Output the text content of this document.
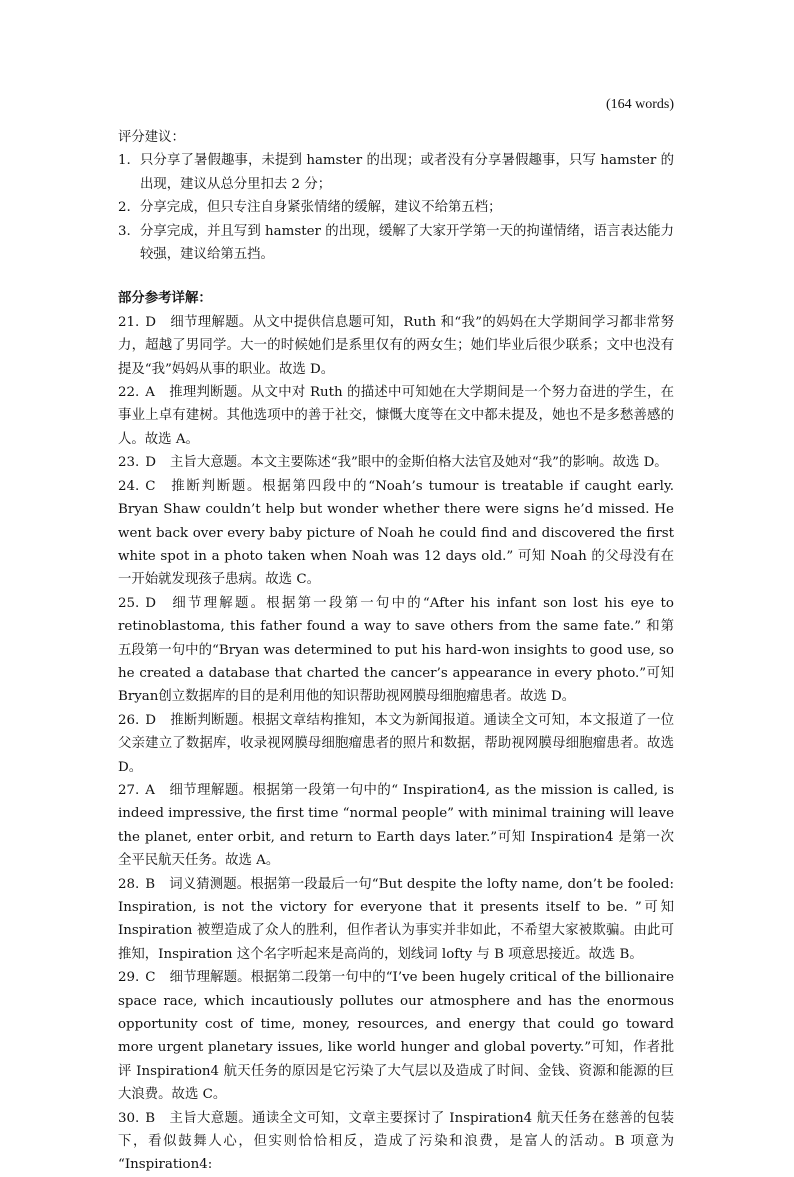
(164 words)
评分建议：
1. 只分享了暑假趣事，未提到 hamster 的出现；或者没有分享暑假趣事，只写 hamster 的出现，建议从总分里扣去 2 分；
2. 分享完成，但只专注自身紧张情绪的缓解，建议不给第五档；
3. 分享完成，并且写到 hamster 的出现，缓解了大家开学第一天的拘谨情绪，语言表达能力较强，建议给第五挡。
部分参考详解：

21. D 细节理解题。从文中提供信息题可知，Ruth 和“我”的妈妈在大学期间学习都非常努力，超越了男同学。大一的时候她们是系里仅有的两女生；她们毕业后很少联系；文中也没有提及“我”妈妈从事的职业。故选 D。

22. A 推理判断题。从文中对 Ruth 的描述中可知她在大学期间是一个努力奋进的学生，在事业上卓有建树。其他选项中的善于社交，慷慨大度等在文中都未提及，她也不是多愁善感的人。故选 A。

23. D 主旨大意题。本文主要陈述“我”眼中的金斯伯格大法官及她对“我”的影响。故选 D。

24. C 推断判断题。根据第四段中的“Noah’s tumour is treatable if caught early. Bryan Shaw couldn’t help but wonder whether there were signs he’d missed. He went back over every baby picture of Noah he could find and discovered the first white spot in a photo taken when Noah was 12 days old.” 可知 Noah 的父母没有在一开始就发现孩子患病。故选 C。

25. D 细节理解题。根据第一段第一句中的“After his infant son lost his eye to retinoblastoma, this father found a way to save others from the same fate.” 和第五段第一句中的“Bryan was determined to put his hard-won insights to good use, so he created a database that charted the cancer’s appearance in every photo.”可知Bryan创立数据库的目的是利用他的知识帮助视网膜母细胞瘤患者。故选 D。

26. D 推断判断题。根据文章结构推知，本文为新闻报道。通读全文可知，本文报道了一位父亲建立了数据库，收录视网膜母细胞瘤患者的照片和数据，帮助视网膜母细胞瘤患者。故选 D。

27. A 细节理解题。根据第一段第一句中的“ Inspiration4, as the mission is called, is indeed impressive, the first time “normal people” with minimal training will leave the planet, enter orbit, and return to Earth days later.”可知 Inspiration4 是第一次全平民航天任务。故选 A。

28. B 词义猜测题。根据第一段最后一句“But despite the lofty name, don’t be fooled: Inspiration, is not the victory for everyone that it presents itself to be. ”可知 Inspiration 被塑造成了众人的胜利，但作者认为事实并非如此，不希望大家被欺骗。由此可推知，Inspiration 这个名字听起来是高尚的，划线词 lofty 与 B 项意思接近。故选 B。

29. C 细节理解题。根据第二段第一句中的“I’ve been hugely critical of the billionaire space race, which incautiously pollutes our atmosphere and has the enormous opportunity cost of time, money, resources, and energy that could go toward more urgent planetary issues, like world hunger and global poverty.”可知，作者批评 Inspiration4 航天任务的原因是它污染了大气层以及造成了时间、金钱、资源和能源的巨大浪费。故选 C。

30. B 主旨大意题。通读全文可知，文章主要探讨了 Inspiration4 航天任务在慈善的包装下，看似鼓舞人心，但实则恰恰相反，造成了污染和浪费，是富人的活动。B 项意为 “Inspiration4:
